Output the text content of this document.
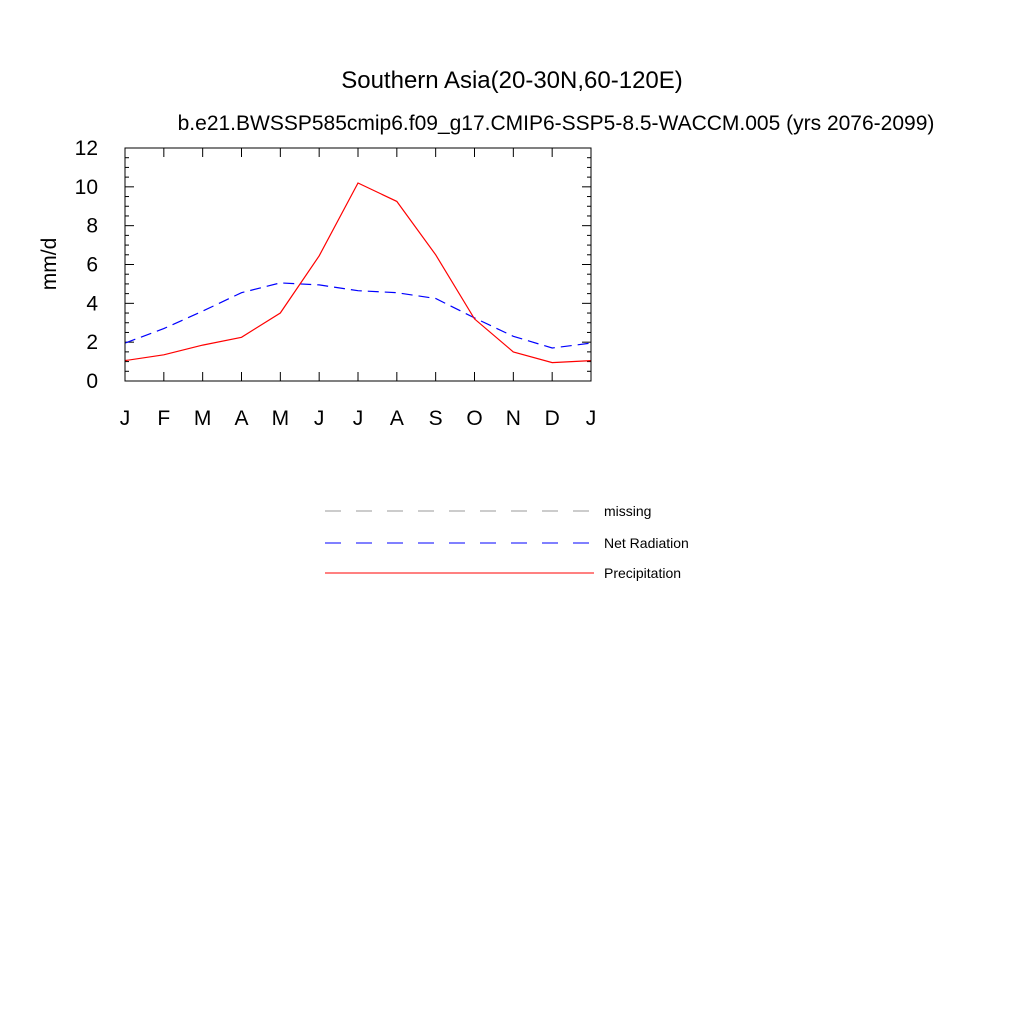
Southern Asia(20-30N,60-120E)
b.e21.BWSSP585cmip6.f09_g17.CMIP6-SSP5-8.5-WACCM.005 (yrs 2076-2099)
mm/d
0
2
4
6
8
10
12
J F M A M J J A S O N D J
missing
Net Radiation
Precipitation
